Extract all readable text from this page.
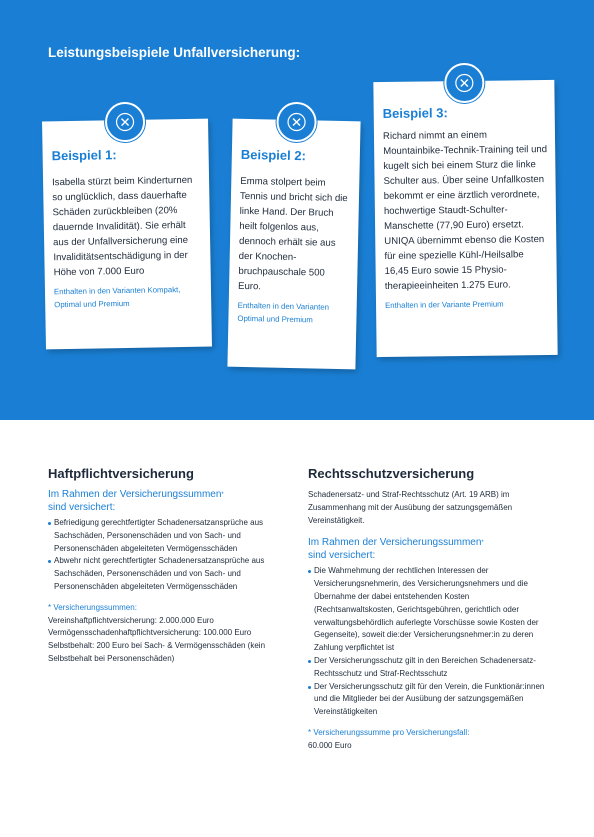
Leistungsbeispiele Unfallversicherung:
Beispiel 1:

Isabella stürzt beim Kinderturnen so unglücklich, dass dauerhafte Schäden zurückbleiben (20% dauernde Invalidität). Sie erhält aus der Unfallversicherung eine Invaliditätsentschädigung in der Höhe von 7.000 Euro

Enthalten in den Varianten Kompakt, Optimal und Premium

Beispiel 2:

Emma stolpert beim Tennis und bricht sich die linke Hand. Der Bruch heilt folgenlos aus, dennoch erhält sie aus der Knochenbruchpauschale 500 Euro.

Enthalten in den Varianten Optimal und Premium

Beispiel 3:

Richard nimmt an einem Mountainbike-Technik-Training teil und kugelt sich bei einem Sturz die linke Schulter aus. Über seine Unfallkosten bekommt er eine ärztlich verordnete, hochwertige Staudt-Schulter-Manschette (77,90 Euro) ersetzt. UNIQA übernimmt ebenso die Kosten für eine spezielle Kühl-/Heilsalbe 16,45 Euro sowie 15 Physiotherapieeinheiten 1.275 Euro.

Enthalten in der Variante Premium

Haftpflichtversicherung

Im Rahmen der Versicherungssummen*
sind versichert:

Befriedigung gerechtfertigter Schadenersatzansprüche aus Sachschäden, Personenschäden und von Sach- und Personenschäden abgeleiteten Vermögensschäden
Abwehr nicht gerechtfertigter Schadenersatzansprüche aus Sachschäden, Personenschäden und von Sach- und Personenschäden abgeleiteten Vermögensschäden

* Versicherungssummen:

Vereinshaftpflichtversicherung: 2.000.000 Euro

Vermögensschadenhaftpflichtversicherung: 100.000 Euro

Selbstbehalt: 200 Euro bei Sach- & Vermögensschäden (kein Selbstbehalt bei Personenschäden)

Rechtsschutzversicherung

Schadenersatz- und Straf-Rechtsschutz (Art. 19 ARB) im Zusammenhang mit der Ausübung der satzungsgemäßen Vereinstätigkeit.

Im Rahmen der Versicherungssummen*
sind versichert:

Die Wahrnehmung der rechtlichen Interessen der Versicherungsnehmerin, des Versicherungsnehmers und die Übernahme der dabei entstehenden Kosten (Rechtsanwaltskosten, Gerichtsgebühren, gerichtlich oder verwaltungsbehördlich auferlegte Vorschüsse sowie Kosten der Gegenseite), soweit die:der Versicherungsnehmer:in zu deren Zahlung verpflichtet ist
Der Versicherungsschutz gilt in den Bereichen Schadenersatz-Rechtsschutz und Straf-Rechtsschutz
Der Versicherungsschutz gilt für den Verein, die Funktionär:innen und die Mitglieder bei der Ausübung der satzungsgemäßen Vereinstätigkeiten

* Versicherungssumme pro Versicherungsfall:

60.000 Euro
